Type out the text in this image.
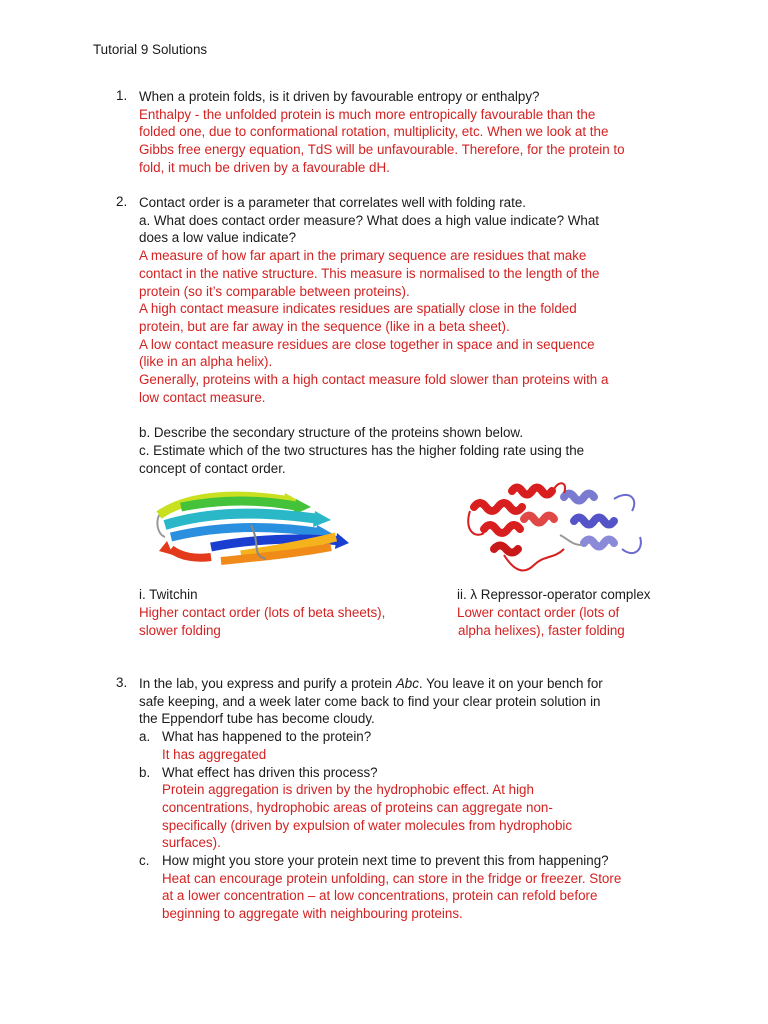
Tutorial 9 Solutions
1. When a protein folds, is it driven by favourable entropy or enthalpy?
Enthalpy - the unfolded protein is much more entropically favourable than the
folded one, due to conformational rotation, multiplicity, etc. When we look at the
Gibbs free energy equation, TdS will be unfavourable. Therefore, for the protein to
fold, it much be driven by a favourable dH.
2. Contact order is a parameter that correlates well with folding rate.
a. What does contact order measure? What does a high value indicate? What
does a low value indicate?
A measure of how far apart in the primary sequence are residues that make
contact in the native structure. This measure is normalised to the length of the
protein (so it’s comparable between proteins).
A high contact measure indicates residues are spatially close in the folded
protein, but are far away in the sequence (like in a beta sheet).
A low contact measure residues are close together in space and in sequence
(like in an alpha helix).
Generally, proteins with a high contact measure fold slower than proteins with a
low contact measure.
b. Describe the secondary structure of the proteins shown below.
c. Estimate which of the two structures has the higher folding rate using the
concept of contact order.
i. Twitchin
Higher contact order (lots of beta sheets),
slower folding
ii. λ Repressor-operator complex
Lower contact order (lots of
alpha helixes), faster folding
3. In the lab, you express and purify a protein Abc. You leave it on your bench for
safe keeping, and a week later come back to find your clear protein solution in
the Eppendorf tube has become cloudy.
a. What has happened to the protein?
It has aggregated
b. What effect has driven this process?
Protein aggregation is driven by the hydrophobic effect. At high
concentrations, hydrophobic areas of proteins can aggregate non-
specifically (driven by expulsion of water molecules from hydrophobic
surfaces).
c. How might you store your protein next time to prevent this from happening?
Heat can encourage protein unfolding, can store in the fridge or freezer. Store
at a lower concentration – at low concentrations, protein can refold before
beginning to aggregate with neighbouring proteins.
